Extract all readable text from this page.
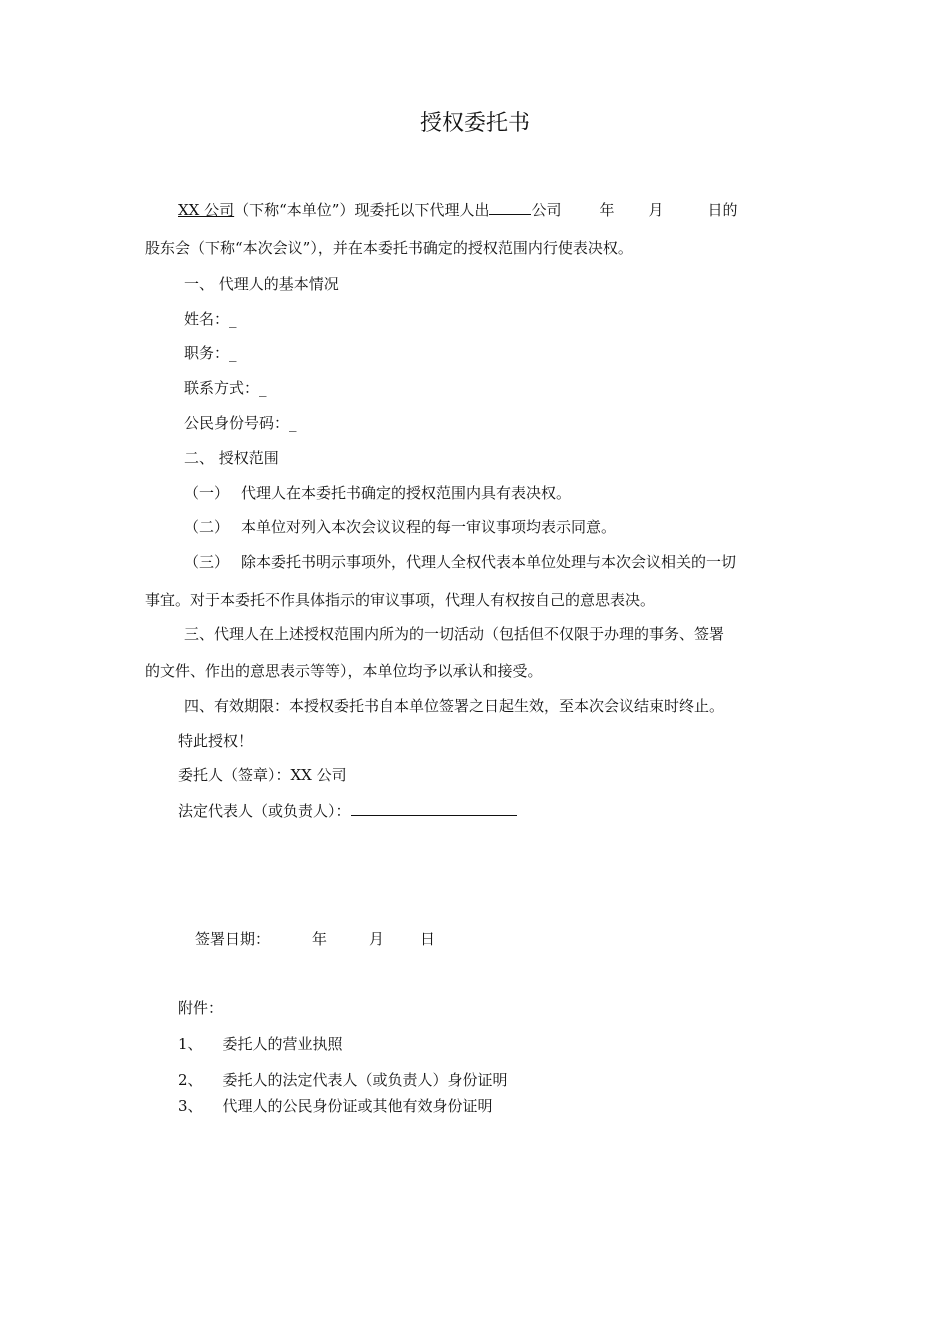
授权委托书
XX 公司（下称“本单位”）现委托以下代理人出	公司	年 月	日的
股东会（下称“本次会议”），并在本委托书确定的授权范围内行使表决权。
一、 代理人的基本情况
姓名：_
职务：_
联系方式：_
公民身份号码：_
二、 授权范围
（一） 代理人在本委托书确定的授权范围内具有表决权。
（二） 本单位对列入本次会议议程的每一审议事项均表示同意。
（三） 除本委托书明示事项外，代理人全权代表本单位处理与本次会议相关的一切
事宜。对于本委托不作具体指示的审议事项，代理人有权按自己的意思表决。
三、代理人在上述授权范围内所为的一切活动（包括但不仅限于办理的事务、签署
的文件、作出的意思表示等等），本单位均予以承认和接受。
四、有效期限：本授权委托书自本单位签署之日起生效，至本次会议结束时终止。
特此授权！
委托人（签章）：XX 公司
法定代表人（或负责人）：
签署日期：	年	月 日
附件：
1、 委托人的营业执照
2、 委托人的法定代表人（或负责人）身份证明
3、 代理人的公民身份证或其他有效身份证明
